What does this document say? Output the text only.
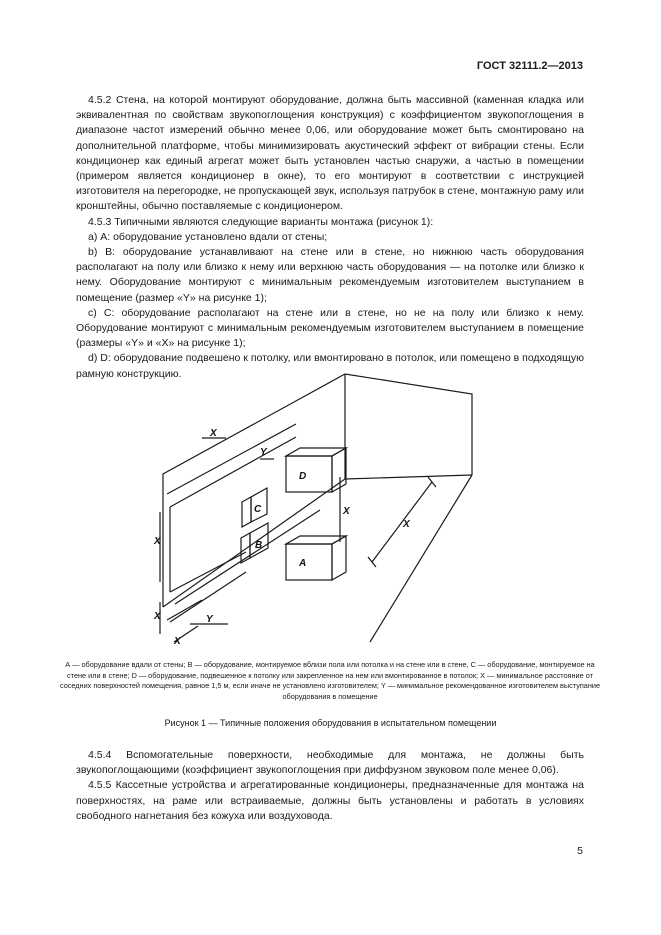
ГОСТ 32111.2—2013

4.5.2 Стена, на которой монтируют оборудование, должна быть массивной (каменная кладка или эквивалентная по свойствам звукопоглощения конструкция) с коэффициентом звукопоглощения в диапазоне частот измерений обычно менее 0,06, или оборудование может быть смонтировано на дополнительной платформе, чтобы минимизировать акустический эффект от вибрации стены. Если кондиционер как единый агрегат может быть установлен частью снаружи, а частью в помещении (примером является кондиционер в окне), то его монтируют в соответствии с инструкцией изготовителя на перегородке, не пропускающей звук, используя патрубок в стене, монтажную раму или кронштейны, обычно поставляемые с кондиционером.

4.5.3 Типичными являются следующие варианты монтажа (рисунок 1):

a) А: оборудование установлено вдали от стены;

b) В: оборудование устанавливают на стене или в стене, но нижнюю часть оборудования располагают на полу или близко к нему или верхнюю часть оборудования — на потолке или близко к нему. Оборудование монтируют с минимальным рекомендуемым изготовителем выступанием в помещение (размер «Y» на рисунке 1);

c) С: оборудование располагают на стене или в стене, но не на полу или близко к нему. Оборудование монтируют с минимальным рекомендуемым изготовителем выступанием в помещение (размеры «Y» и «X» на рисунке 1);

d) D: оборудование подвешено к потолку, или вмонтировано в потолок, или помещено в подходящую рамную конструкцию.

D
A
C
B
X
X
X
Y
X
X
X
Y
А — оборудование вдали от стены; В — оборудование, монтируемое вблизи пола или потолка и на стене или в стене, С — оборудование, монтируемое на стене или в стене; D — оборудование, подвешенное к потолку или закрепленное на нем или вмонтированное в потолок; X — минимальное расстояние от соседних поверхностей помещения, равное 1,5 м, если иначе не установлено изготовителем; Y — минимальное рекомендованное изготовителем выступание оборудования в помещение
Рисунок 1 — Типичные положения оборудования в испытательном помещении

4.5.4 Вспомогательные поверхности, необходимые для монтажа, не должны быть звукопоглощающими (коэффициент звукопоглощения при диффузном звуковом поле менее 0,06).

4.5.5 Кассетные устройства и агрегатированные кондиционеры, предназначенные для монтажа на поверхностях, на раме или встраиваемые, должны быть установлены и работать в условиях свободного нагнетания без кожуха или воздуховода.

5
